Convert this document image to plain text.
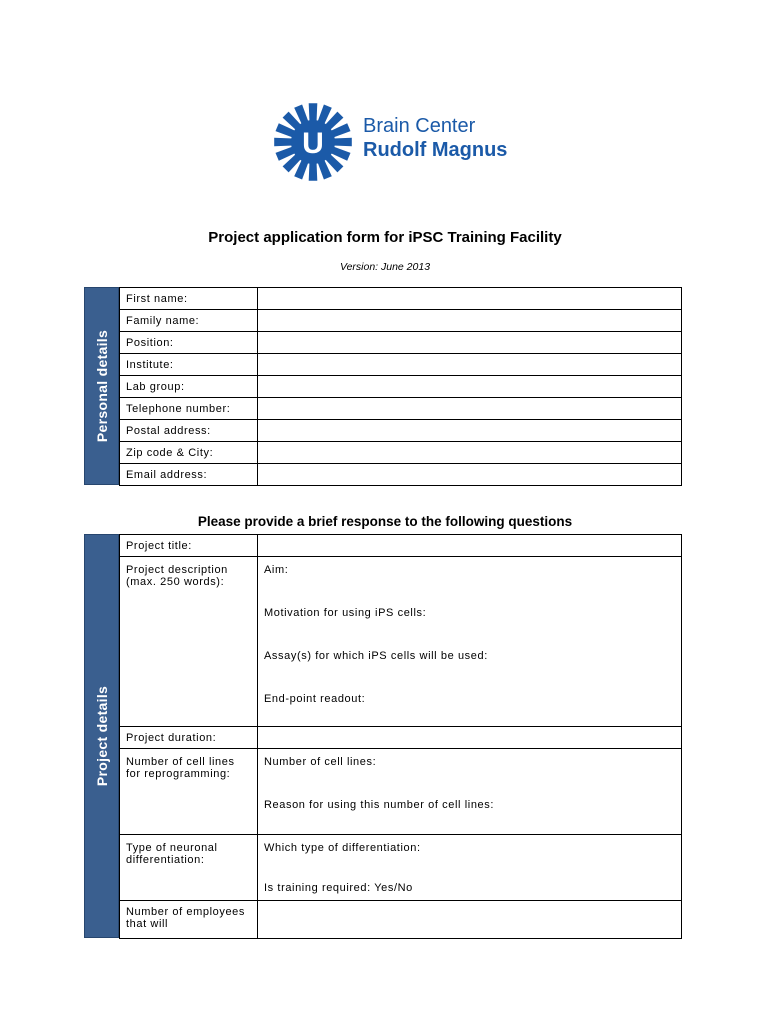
U
Brain Center
Rudolf Magnus
Project application form for iPSC Training Facility
Version: June 2013
Personal details
First name:	
Family name:	
Position:	
Institute:	
Lab group:	
Telephone number:	
Postal address:	
Zip code & City:	
Email address:	
Please provide a brief response to the following questions
Project details
Project title:	
Project description (max. 250 words):	Aim:

Motivation for using iPS cells:

Assay(s) for which iPS cells will be used:

End-point readout:

Project duration:	
Number of cell lines for reprogramming:	Number of cell lines:

Reason for using this number of cell lines:

Type of neuronal differentiation:	Which type of differentiation:

Is training required: Yes/No

Number of employees that will	
